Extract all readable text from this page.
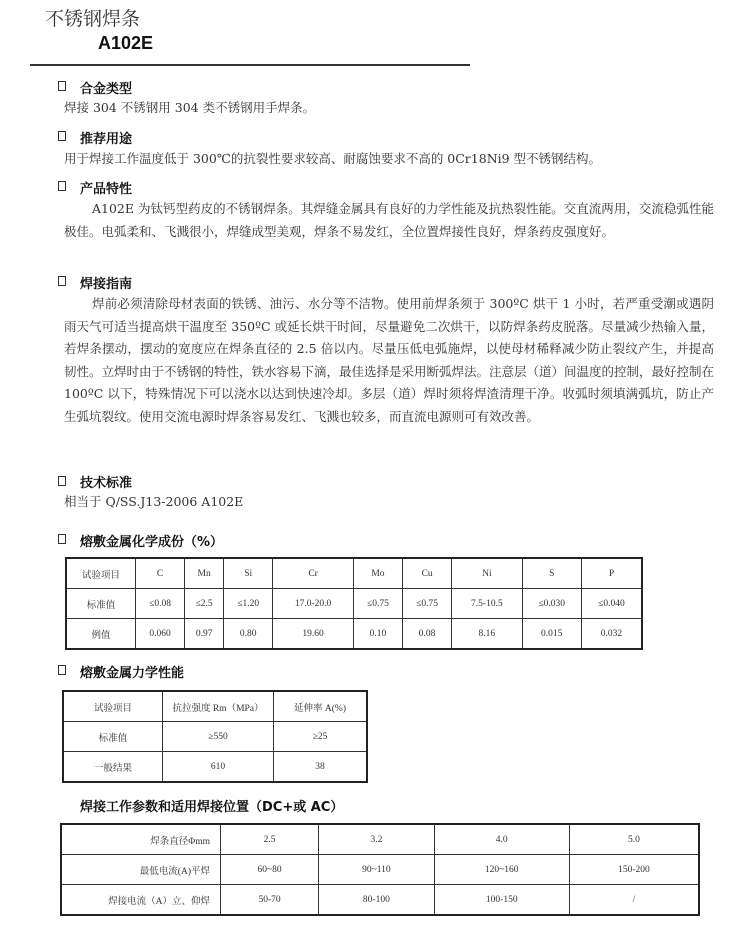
不锈钢焊条
A102E
合金类型
焊接 304 不锈钢用 304 类不锈钢用手焊条。
推荐用途
用于焊接工作温度低于 300℃的抗裂性要求较高、耐腐蚀要求不高的 0Cr18Ni9 型不锈钢结构。
产品特性
A102E 为钛钙型药皮的不锈钢焊条。其焊缝金属具有良好的力学性能及抗热裂性能。交直流两用，交流稳弧性能极佳。电弧柔和、飞溅很小，焊缝成型美观，焊条不易发红，全位置焊接性良好，焊条药皮强度好。
焊接指南
焊前必须清除母材表面的铁锈、油污、水分等不洁物。使用前焊条须于 300ºC 烘干 1 小时，若严重受潮或遇阴雨天气可适当提高烘干温度至 350ºC 或延长烘干时间，尽量避免二次烘干，以防焊条药皮脱落。尽量减少热输入量，若焊条摆动，摆动的宽度应在焊条直径的 2.5 倍以内。尽量压低电弧施焊，以使母材稀释减少防止裂纹产生，并提高韧性。立焊时由于不锈钢的特性，铁水容易下滴，最佳选择是采用断弧焊法。注意层（道）间温度的控制，最好控制在 100ºC 以下，特殊情况下可以浇水以达到快速冷却。多层（道）焊时须将焊渣清理干净。收弧时须填满弧坑，防止产生弧坑裂纹。使用交流电源时焊条容易发红、飞溅也较多，而直流电源则可有效改善。
技术标准
相当于 Q/SS.J13-2006 A102E
熔敷金属化学成份（%）
试验项目	C	Mn	Si	Cr	Mo	Cu	Ni	S	P
标准值	≤0.08	≤2.5	≤1.20	17.0-20.0	≤0.75	≤0.75	7.5-10.5	≤0.030	≤0.040
例值	0.060	0.97	0.80	19.60	0.10	0.08	8.16	0.015	0.032
熔敷金属力学性能
试验项目	抗拉强度 Rm（MPa）	延伸率 A(%)
标准值	≥550	≥25
一般结果	610	38
焊接工作参数和适用焊接位置（DC+或 AC）
焊条直径Φmm	2.5	3.2	4.0	5.0
最低电流(A)平焊	60~80	90~110	120~160	150-200
焊接电流（A）立、仰焊	50-70	80-100	100-150	/
